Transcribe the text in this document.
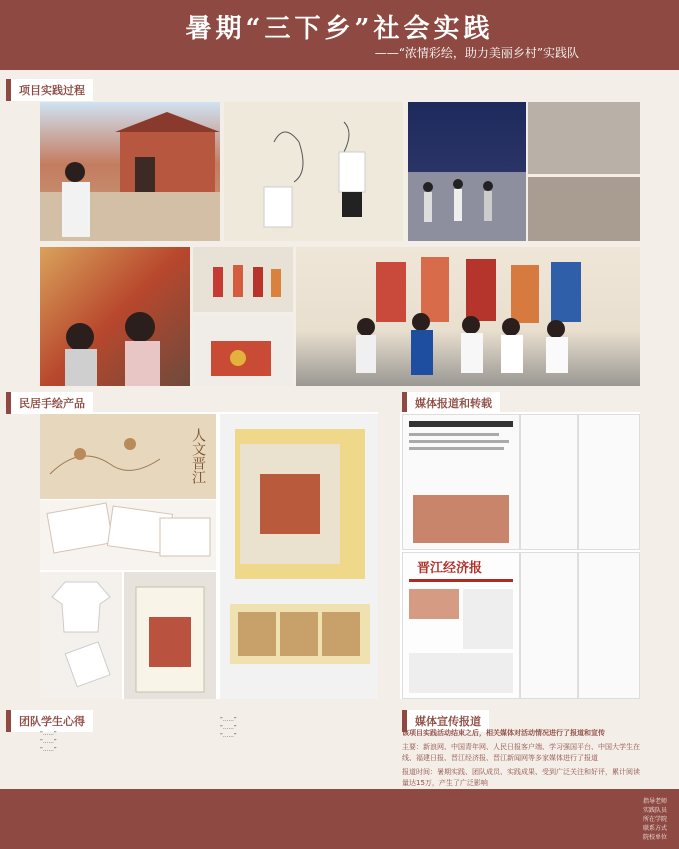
暑期“三下乡”社会实践
——“浓情彩绘，助力美丽乡村”实践队
项目实践过程
民居手绘产品
人文晋江
媒体报道和转载
晋江经济报
团队学生心得
“……”
“……”
“……”
“……”
“……”
“……”
媒体宣传报道
该项目实践活动结束之后，相关媒体对活动情况进行了报道和宣传
主要：新浪网、中国青年网、人民日报客户端、学习强国平台、中国大学生在线、福建日报、晋江经济报、晋江新闻网等多家媒体进行了报道
报道时间：暑期实践、团队成员、实践成果、受到广泛关注和好评，累计阅读量达15万，产生了广泛影响
指导老师
实践队员
所在学院
联系方式
院校单位
